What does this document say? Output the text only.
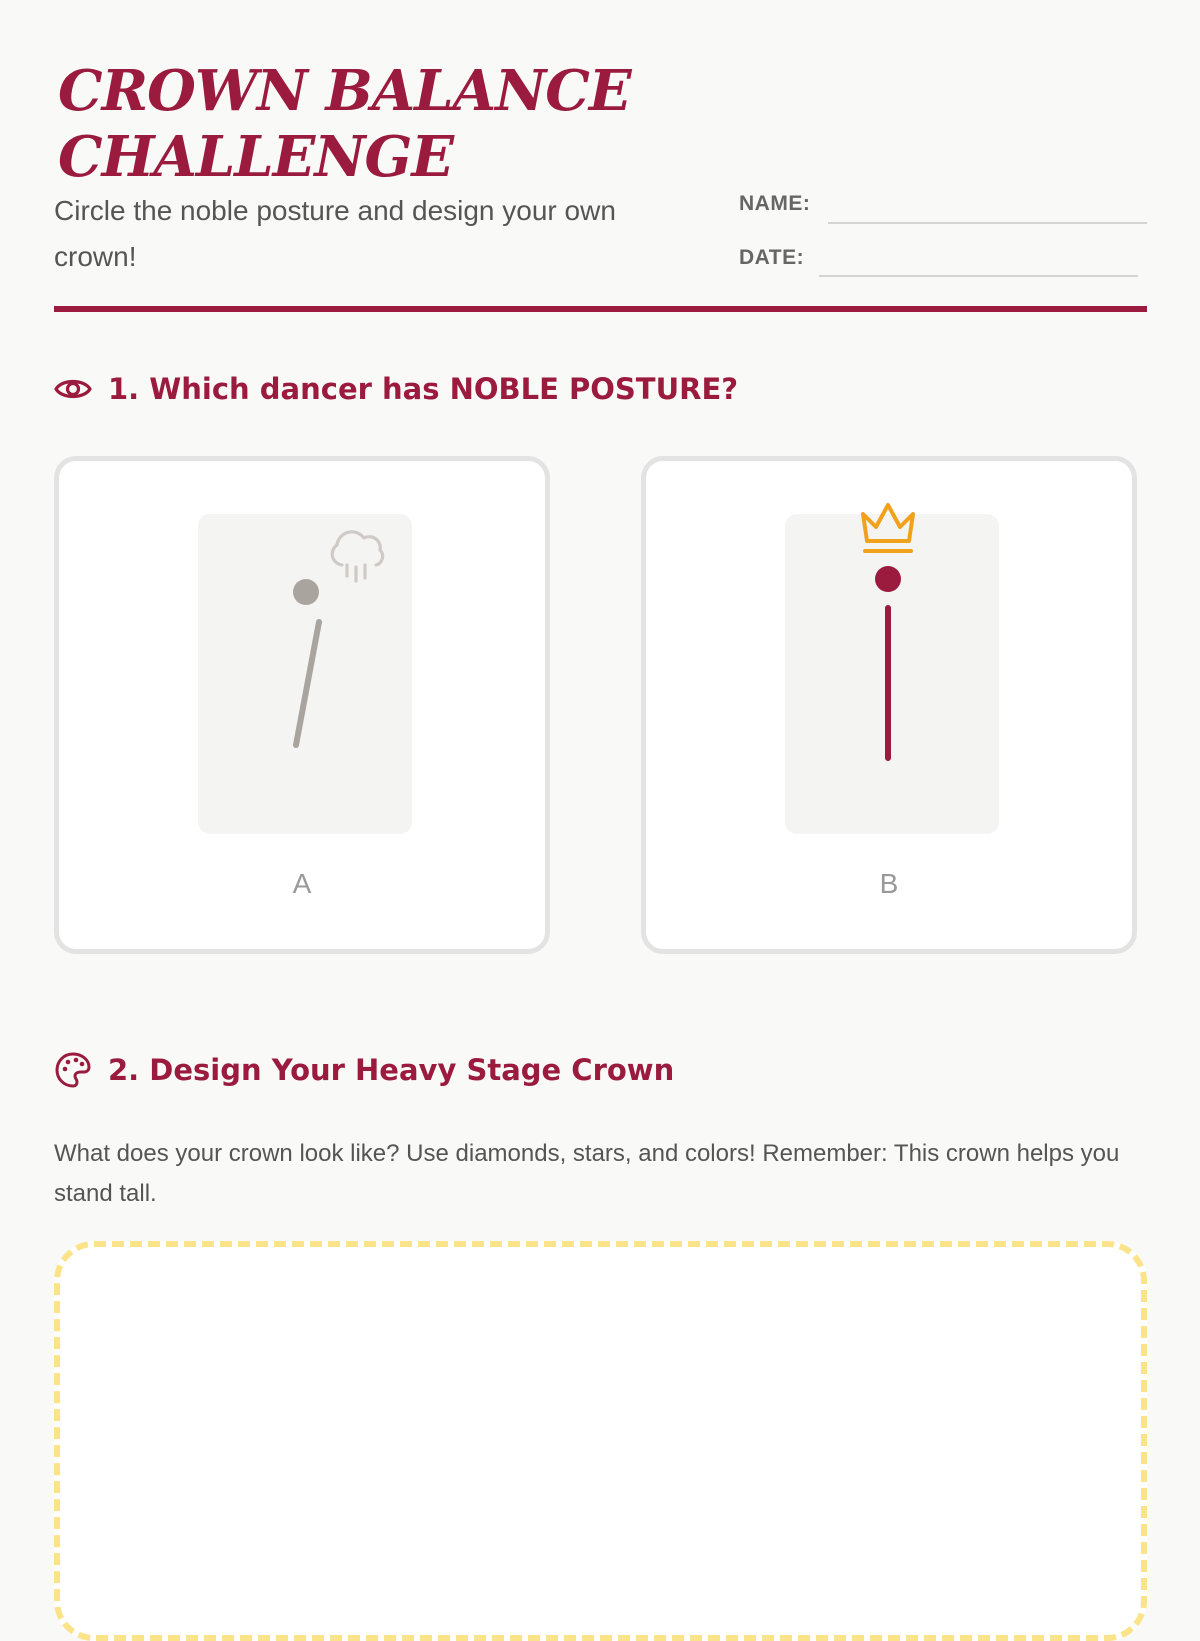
CROWN BALANCE CHALLENGE

Circle the noble posture and design your own crown!

NAME:
DATE:
1. Which dancer has NOBLE POSTURE?
A	B
2. Design Your Heavy Stage Crown

What does your crown look like? Use diamonds, stars, and colors! Remember: This crown helps you stand tall.
